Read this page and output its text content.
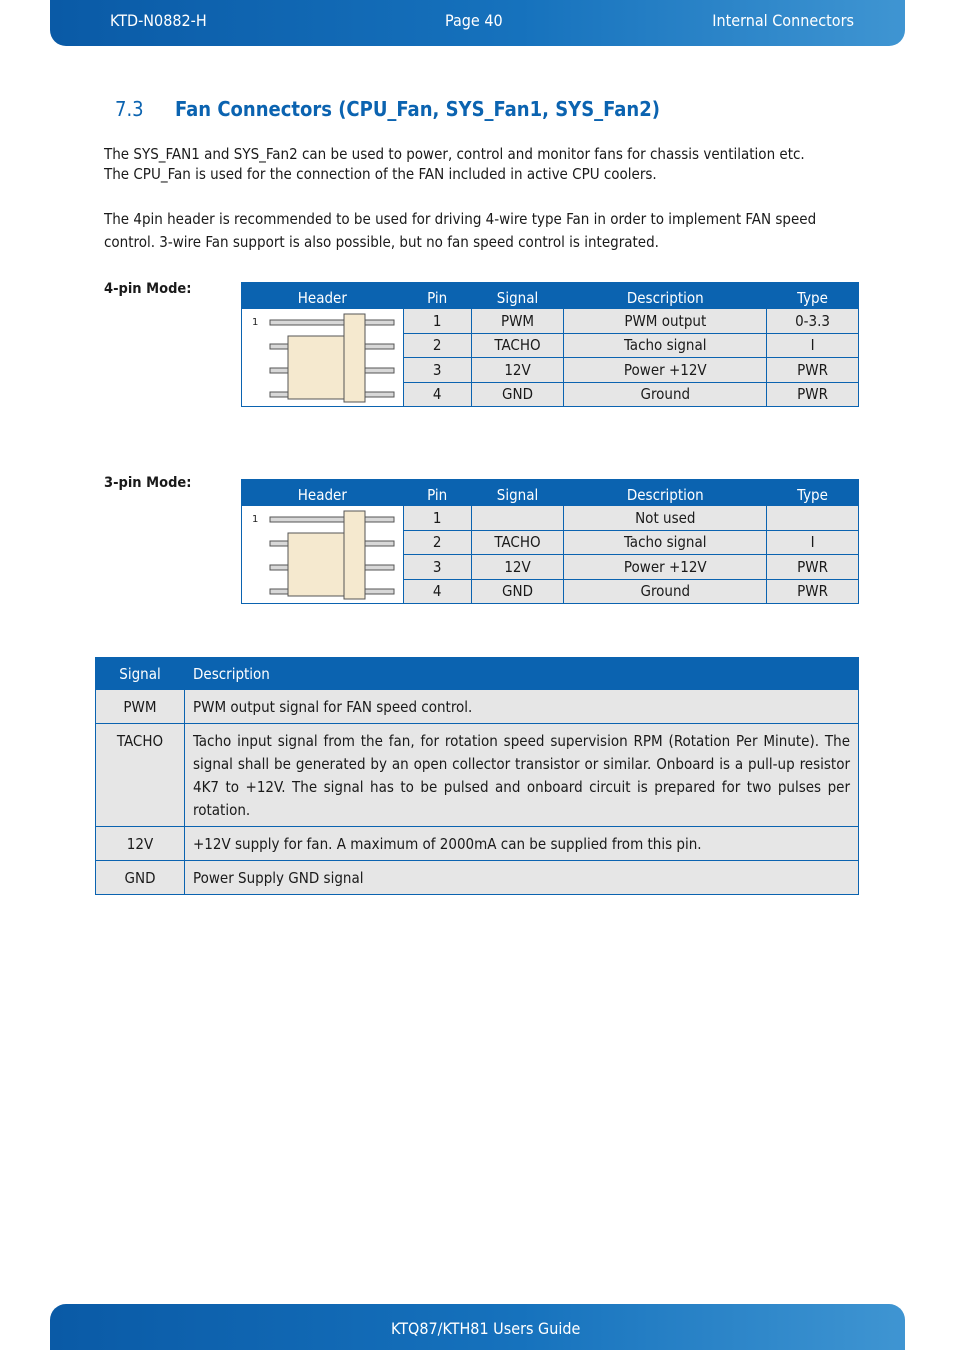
KTD-N0882-H	Page 40	Internal Connectors
7.3 Fan Connectors (CPU_Fan, SYS_Fan1, SYS_Fan2)
The SYS_FAN1 and SYS_Fan2 can be used to power, control and monitor fans for chassis ventilation etc.
The CPU_Fan is used for the connection of the FAN included in active CPU coolers.
The 4pin header is recommended to be used for driving 4-wire type Fan in order to implement FAN speed control. 3-wire Fan support is also possible, but no fan speed control is integrated.
4-pin Mode:	Header	Pin	Signal	Description	Type

1	1	PWM	PWM output	0-3.3
	2	TACHO	Tacho signal	I
	3	12V	Power +12V	PWR
	4	GND	Ground	PWR
3-pin Mode:
Header	Pin	Signal	Description	Type

1	1		Not used	
	2	TACHO	Tacho signal	I
	3	12V	Power +12V	PWR
	4	GND	Ground	PWR
Signal	Description
PWM	PWM output signal for FAN speed control.
TACHO	Tacho input signal from the fan, for rotation speed supervision RPM (Rotation Per Minute). The signal shall be generated by an open collector transistor or similar. Onboard is a pull-up resistor 4K7 to +12V. The signal has to be pulsed and onboard circuit is prepared for two pulses per rotation.
12V	+12V supply for fan. A maximum of 2000mA can be supplied from this pin.
GND	Power Supply GND signal
KTQ87/KTH81 Users Guide
